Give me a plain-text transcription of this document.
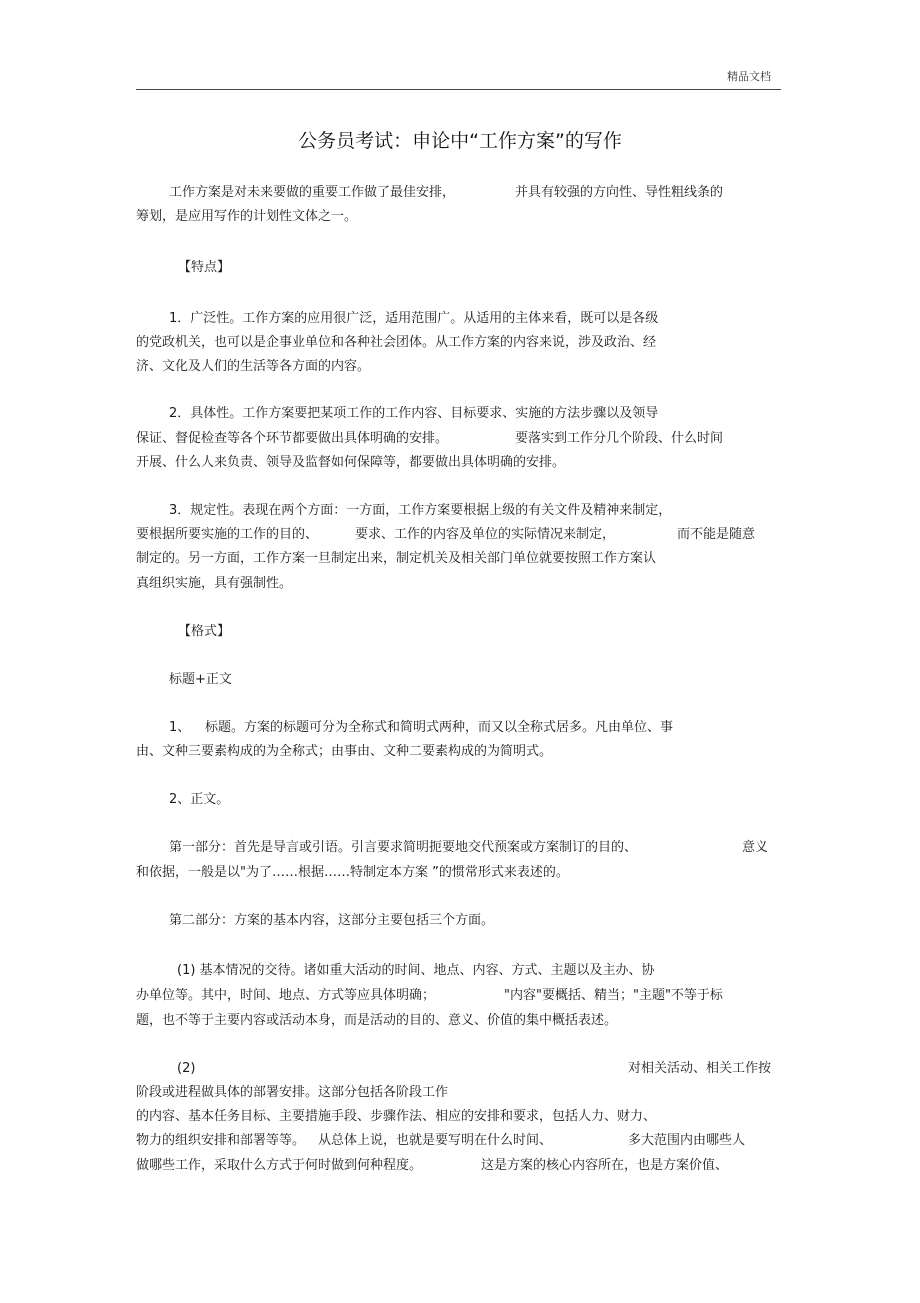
精品文档
公务员考试：申论中“工作方案”的写作
工作方案是对未来要做的重要工作做了最佳安排，	并具有较强的方向性、导性粗线条的
筹划，是应用写作的计划性文体之一。
【特点】
1．广泛性。工作方案的应用很广泛，适用范围广。从适用的主体来看，既可以是各级
的党政机关，也可以是企事业单位和各种社会团体。从工作方案的内容来说，涉及政治、经
济、文化及人们的生活等各方面的内容。
2．具体性。工作方案要把某项工作的工作内容、目标要求、实施的方法步骤以及领导
保证、督促检查等各个环节都要做出具体明确的安排。	要落实到工作分几个阶段、什么时间
开展、什么人来负责、领导及监督如何保障等，都要做出具体明确的安排。
3．规定性。表现在两个方面：一方面，工作方案要根据上级的有关文件及精神来制定，
要根据所要实施的工作的目的、	要求、工作的内容及单位的实际情况来制定，	而不能是随意
制定的。另一方面，工作方案一旦制定出来，制定机关及相关部门单位就要按照工作方案认
真组织实施，具有强制性。
【格式】
标题+正文
1、 标题。方案的标题可分为全称式和简明式两种，而又以全称式居多。凡由单位、事
由、文种三要素构成的为全称式；由事由、文种二要素构成的为简明式。
2、正文。
第一部分：首先是导言或引语。引言要求简明扼要地交代预案或方案制订的目的、	意义
和依据，一般是以"为了……根据……特制定本方案 ”的惯常形式来表述的。
第二部分：方案的基本内容，这部分主要包括三个方面。
(1) 基本情况的交待。诸如重大活动的时间、地点、内容、方式、主题以及主办、协
办单位等。其中，时间、地点、方式等应具体明确；	"内容"要概括、精当；"主题"不等于标
题，也不等于主要内容或活动本身，而是活动的目的、意义、价值的集中概括表述。
(2)	对相关活动、相关工作按
阶段或进程做具体的部署安排。这部分包括各阶段工作
的内容、基本任务目标、主要措施手段、步骤作法、相应的安排和要求，包括人力、财力、
物力的组织安排和部署等等。 从总体上说，也就是要写明在什么时间、	多大范围内由哪些人
做哪些工作，采取什么方式于何时做到何种程度。	这是方案的核心内容所在，也是方案价值、
